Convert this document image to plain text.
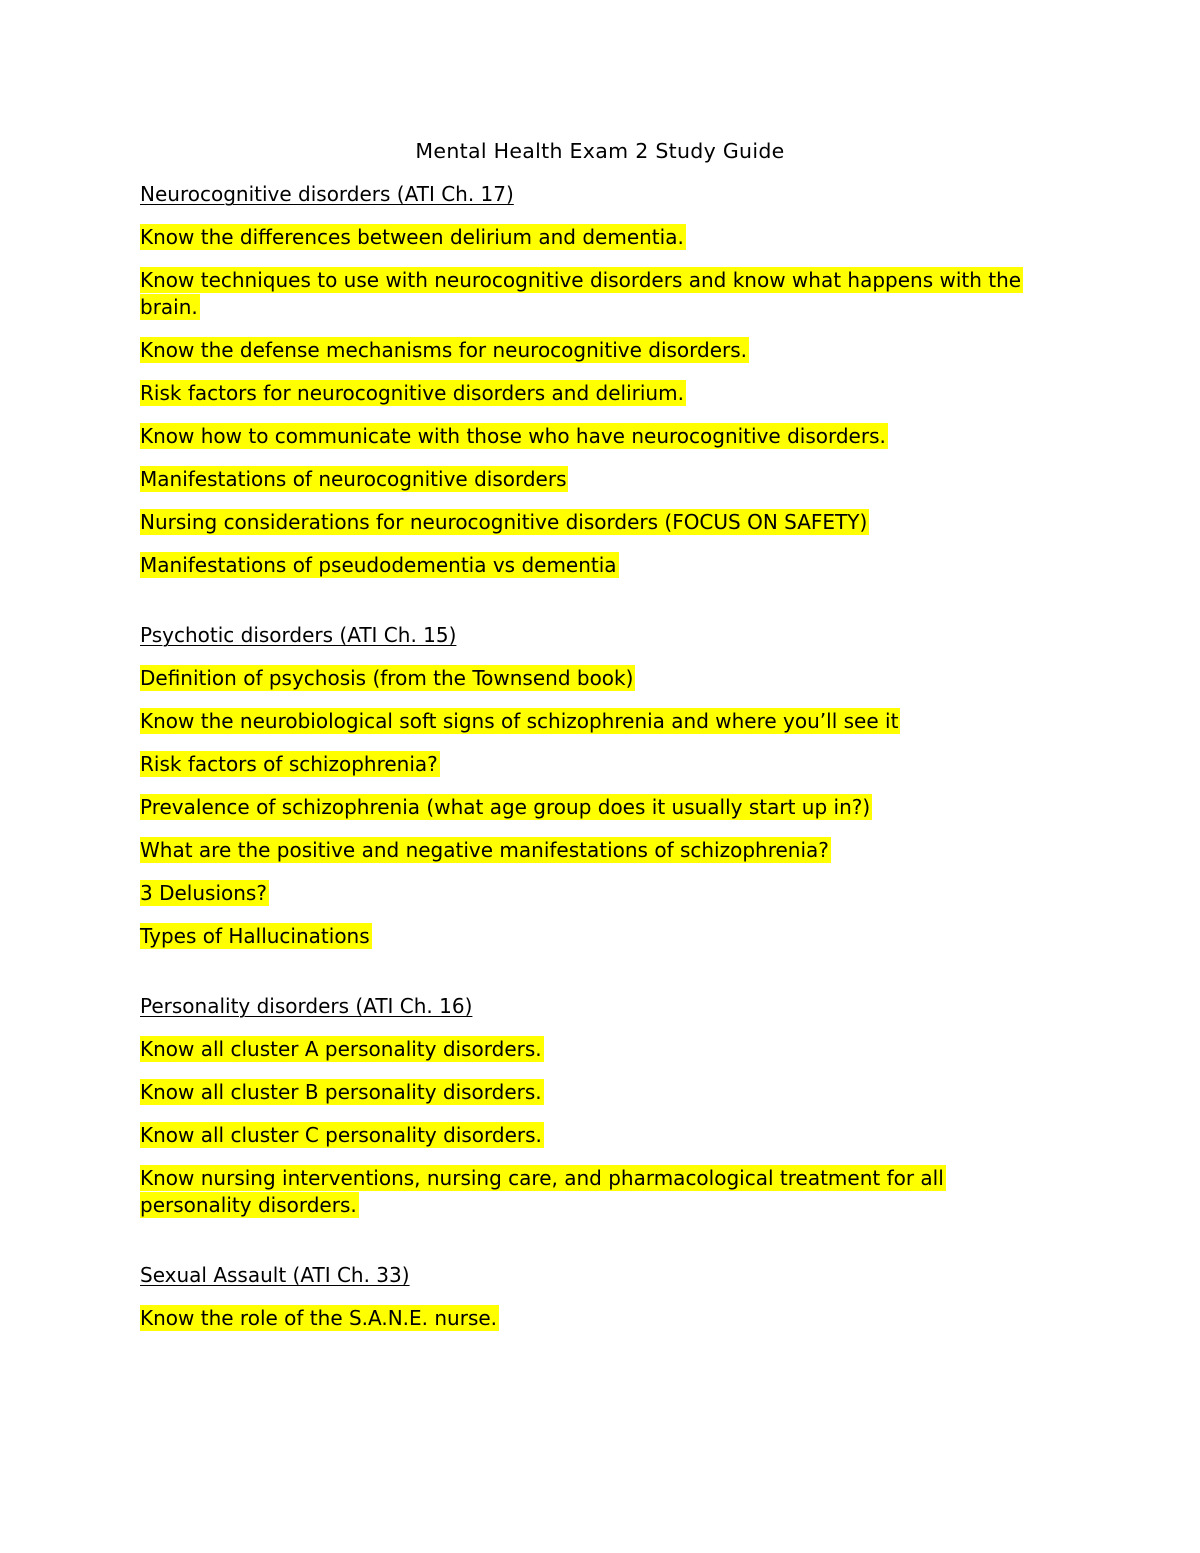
Mental Health Exam 2 Study Guide
Neurocognitive disorders (ATI Ch. 17)
Know the differences between delirium and dementia.
Know techniques to use with neurocognitive disorders and know what happens with the brain.
Know the defense mechanisms for neurocognitive disorders.
Risk factors for neurocognitive disorders and delirium.
Know how to communicate with those who have neurocognitive disorders.
Manifestations of neurocognitive disorders
Nursing considerations for neurocognitive disorders (FOCUS ON SAFETY)
Manifestations of pseudodementia vs dementia
Psychotic disorders (ATI Ch. 15)
Definition of psychosis (from the Townsend book)
Know the neurobiological soft signs of schizophrenia and where you’ll see it
Risk factors of schizophrenia?
Prevalence of schizophrenia (what age group does it usually start up in?)
What are the positive and negative manifestations of schizophrenia?
3 Delusions?
Types of Hallucinations
Personality disorders (ATI Ch. 16)
Know all cluster A personality disorders.
Know all cluster B personality disorders.
Know all cluster C personality disorders.
Know nursing interventions, nursing care, and pharmacological treatment for all personality disorders.
Sexual Assault (ATI Ch. 33)
Know the role of the S.A.N.E. nurse.
